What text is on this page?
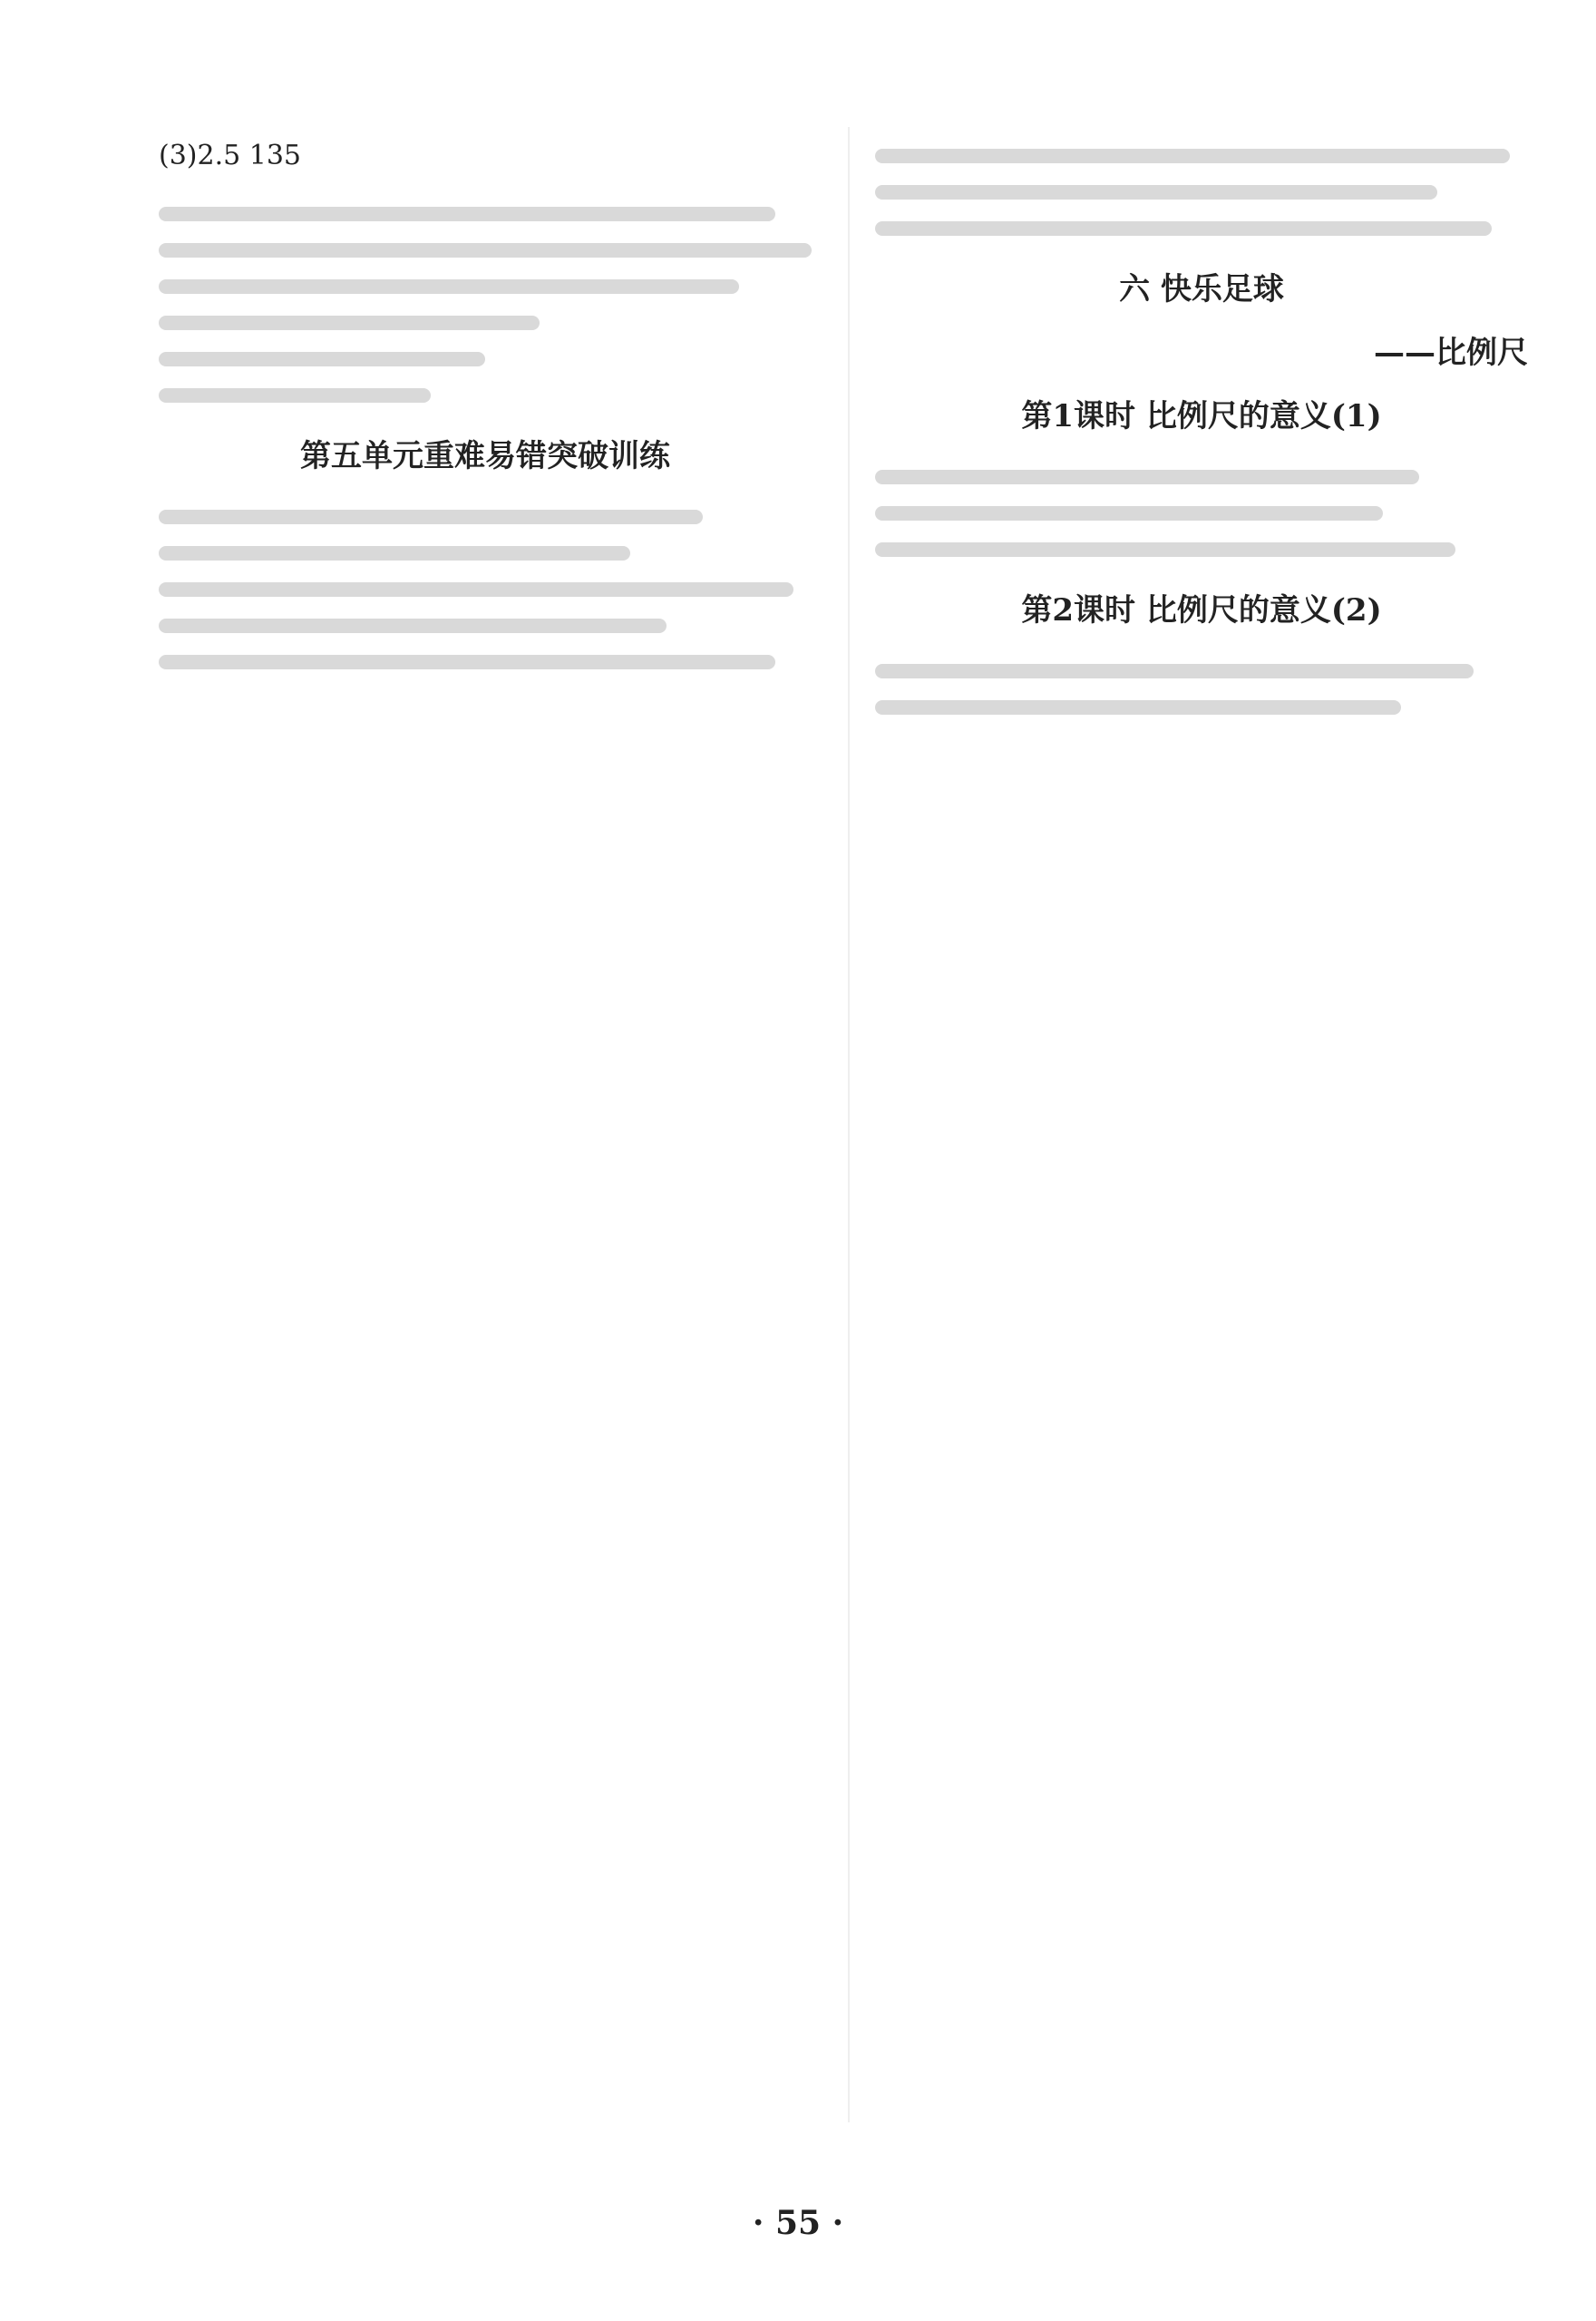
(3)2.5 135
第五单元重难易错突破训练
六 快乐足球
——比例尺
第1课时 比例尺的意义(1)
第2课时 比例尺的意义(2)
· 55 ·
